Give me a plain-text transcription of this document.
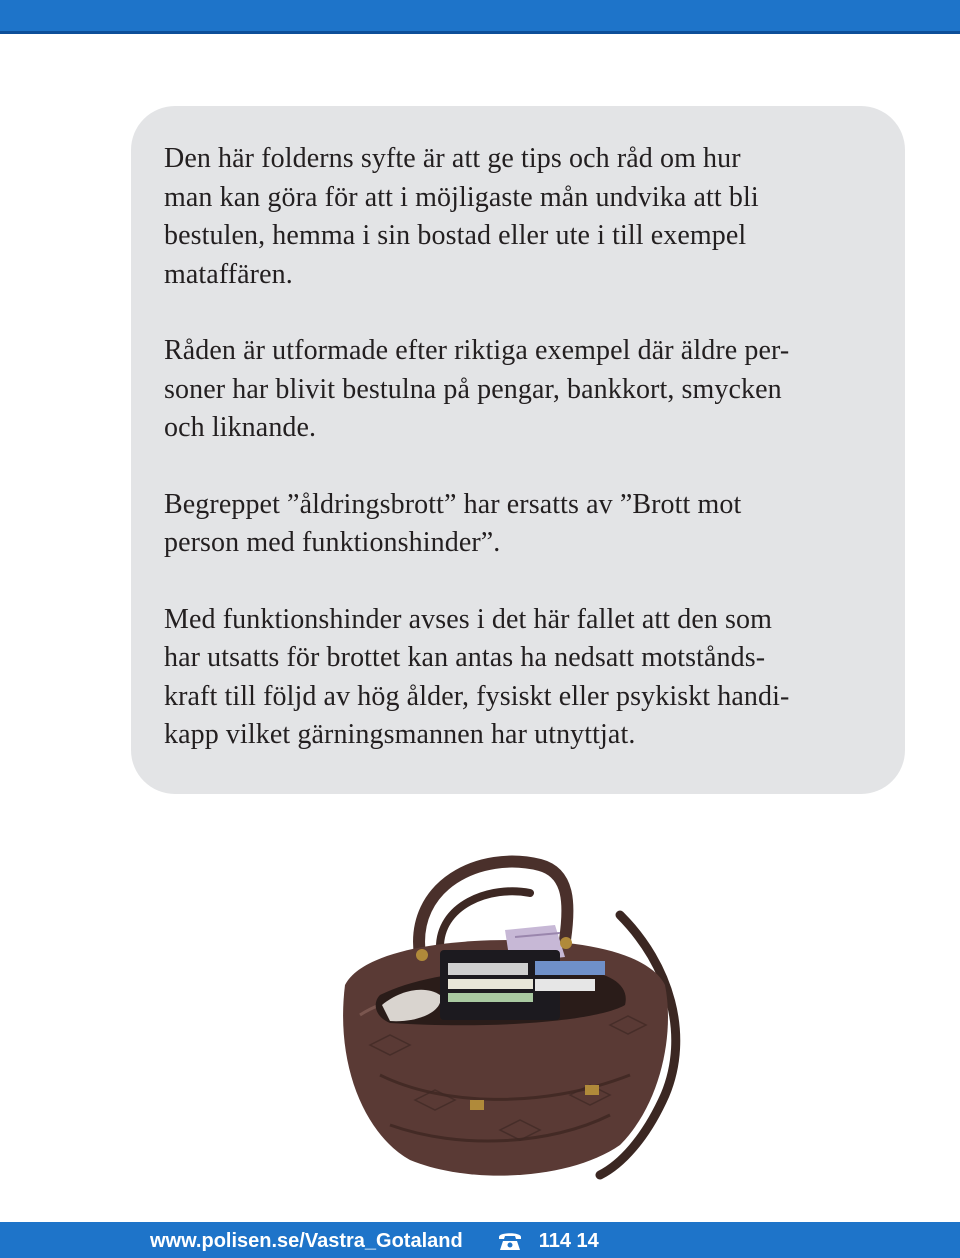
Den här folderns syfte är att ge tips och råd om hur
man kan göra för att i möjligaste mån undvika att bli
bestulen, hemma i sin bostad eller ute i till exempel
mataffären.

Råden är utformade efter riktiga exempel där äldre per-
soner har blivit bestulna på pengar, bankkort, smycken
och liknande.

Begreppet ”åldringsbrott” har ersatts av ”Brott mot
person med funktionshinder”.

Med funktionshinder avses i det här fallet att den som
har utsatts för brottet kan antas ha nedsatt motstånds-
kraft till följd av hög ålder, fysiskt eller psykiskt handi-
kapp vilket gärningsmannen har utnyttjat.

www.polisen.se/Vastra_Gotaland	114 14
